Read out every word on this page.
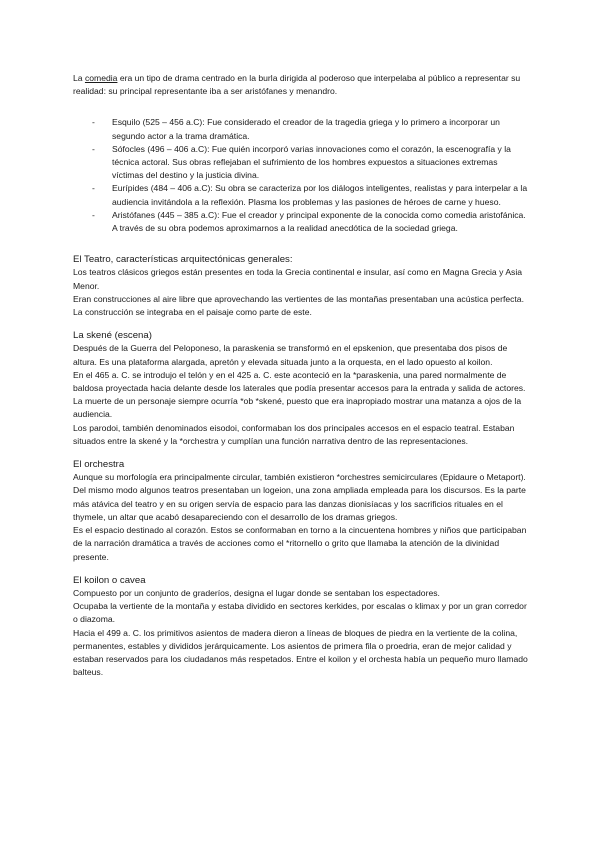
La comedia era un tipo de drama centrado en la burla dirigida al poderoso que interpelaba al público a representar su realidad: su principal representante iba a ser aristófanes y menandro.

- Esquilo (525 – 456 a.C): Fue considerado el creador de la tragedia griega y lo primero a incorporar un segundo actor a la trama dramática.
- Sófocles (496 – 406 a.C): Fue quién incorporó varias innovaciones como el corazón, la escenografía y la técnica actoral. Sus obras reflejaban el sufrimiento de los hombres expuestos a situaciones extremas víctimas del destino y la justicia divina.
- Eurípides (484 – 406 a.C): Su obra se caracteriza por los diálogos inteligentes, realistas y para interpelar a la audiencia invitándola a la reflexión. Plasma los problemas y las pasiones de héroes de carne y hueso.
- Aristófanes (445 – 385 a.C): Fue el creador y principal exponente de la conocida como comedia aristofánica. A través de su obra podemos aproximarnos a la realidad anecdótica de la sociedad griega.
El Teatro, características arquitectónicas generales:

Los teatros clásicos griegos están presentes en toda la Grecia continental e insular, así como en Magna Grecia y Asia Menor.

Eran construcciones al aire libre que aprovechando las vertientes de las montañas presentaban una acústica perfecta.

La construcción se integraba en el paisaje como parte de este.

La skené (escena)

Después de la Guerra del Peloponeso, la paraskenia se transformó en el epskenion, que presentaba dos pisos de altura. Es una plataforma alargada, apretón y elevada situada junto a la orquesta, en el lado opuesto al koilon.

En el 465 a. C. se introdujo el telón y en el 425 a. C. este aconteció en la *paraskenia, una pared normalmente de baldosa proyectada hacia delante desde los laterales que podía presentar accesos para la entrada y salida de actores. La muerte de un personaje siempre ocurría *ob *skené, puesto que era inapropiado mostrar una matanza a ojos de la audiencia.

Los parodoi, también denominados eisodoi, conformaban los dos principales accesos en el espacio teatral. Estaban situados entre la skené y la *orchestra y cumplían una función narrativa dentro de las representaciones.

El orchestra

Aunque su morfología era principalmente circular, también existieron *orchestres semicirculares (Epidaure o Metaport). Del mismo modo algunos teatros presentaban un logeion, una zona ampliada empleada para los discursos. Es la parte más atávica del teatro y en su origen servía de espacio para las danzas dionisíacas y los sacrificios rituales en el thymele, un altar que acabó desapareciendo con el desarrollo de los dramas griegos.

Es el espacio destinado al corazón. Estos se conformaban en torno a la cincuentena hombres y niños que participaban de la narración dramática a través de acciones como el *ritornello o grito que llamaba la atención de la divinidad presente.

El koilon o cavea

Compuesto por un conjunto de graderíos, designa el lugar donde se sentaban los espectadores.

Ocupaba la vertiente de la montaña y estaba dividido en sectores kerkides, por escalas o klimax y por un gran corredor o diazoma.

Hacia el 499 a. C. los primitivos asientos de madera dieron a líneas de bloques de piedra en la vertiente de la colina, permanentes, estables y divididos jerárquicamente. Los asientos de primera fila o proedria, eran de mejor calidad y estaban reservados para los ciudadanos más respetados. Entre el koilon y el orchesta había un pequeño muro llamado balteus.
